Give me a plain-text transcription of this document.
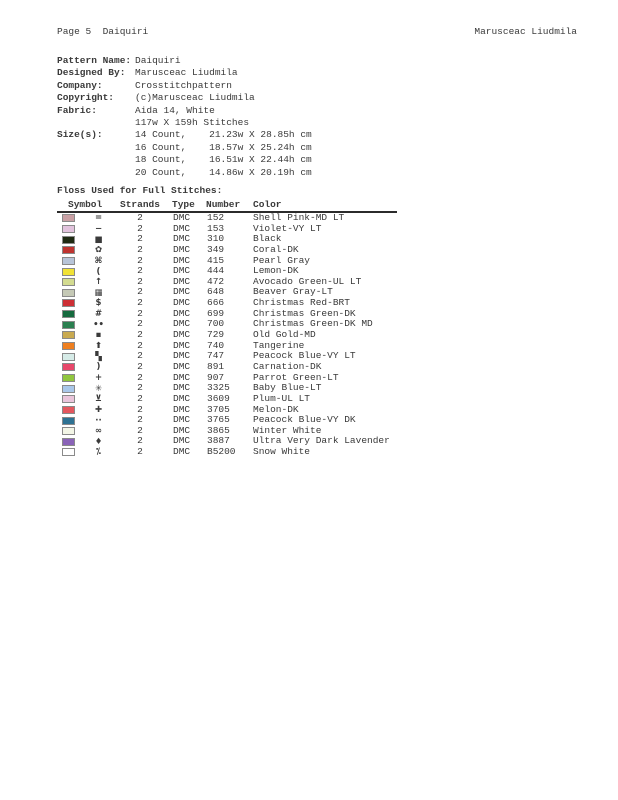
Page 5  Daiquiri	Marusceac Liudmila
Pattern Name: Daiquiri
Designed By: Marusceac Liudmila
Company:	Crosstitchpattern
Copyright: (c)Marusceac Liudmila
Fabric:	Aida 14, White
117w X 159h Stitches
Size(s):	14 Count,    21.23w X 28.85h cm
16 Count,    18.57w X 25.24h cm
18 Count,    16.51w X 22.44h cm
20 Count,    14.86w X 20.19h cm
Floss Used for Full Stitches:
Symbol	Strands	Type	Number	Color
=	2	DMC	152	Shell Pink-MD LT
−	2	DMC	153	Violet-VY LT
■	2	DMC	310	Black
✿	2	DMC	349	Coral-DK
⌘	2	DMC	415	Pearl Gray
(	2	DMC	444	Lemon-DK
↑	2	DMC	472	Avocado Green-UL LT
▦	2	DMC	648	Beaver Gray-LT
$	2	DMC	666	Christmas Red-BRT
#	2	DMC	699	Christmas Green-DK
••	2	DMC	700	Christmas Green-DK MD
▪	2	DMC	729	Old Gold-MD
⬆	2	DMC	740	Tangerine
▚	2	DMC	747	Peacock Blue-VY LT
)	2	DMC	891	Carnation-DK
+	2	DMC	907	Parrot Green-LT
✳	2	DMC	3325	Baby Blue-LT
⊻	2	DMC	3609	Plum-UL LT
✚	2	DMC	3705	Melon-DK
··	2	DMC	3765	Peacock Blue-VY DK
∞	2	DMC	3865	Winter White
♦	2	DMC	3887	Ultra Very Dark Lavender
⁒	2	DMC	B5200	Snow White
